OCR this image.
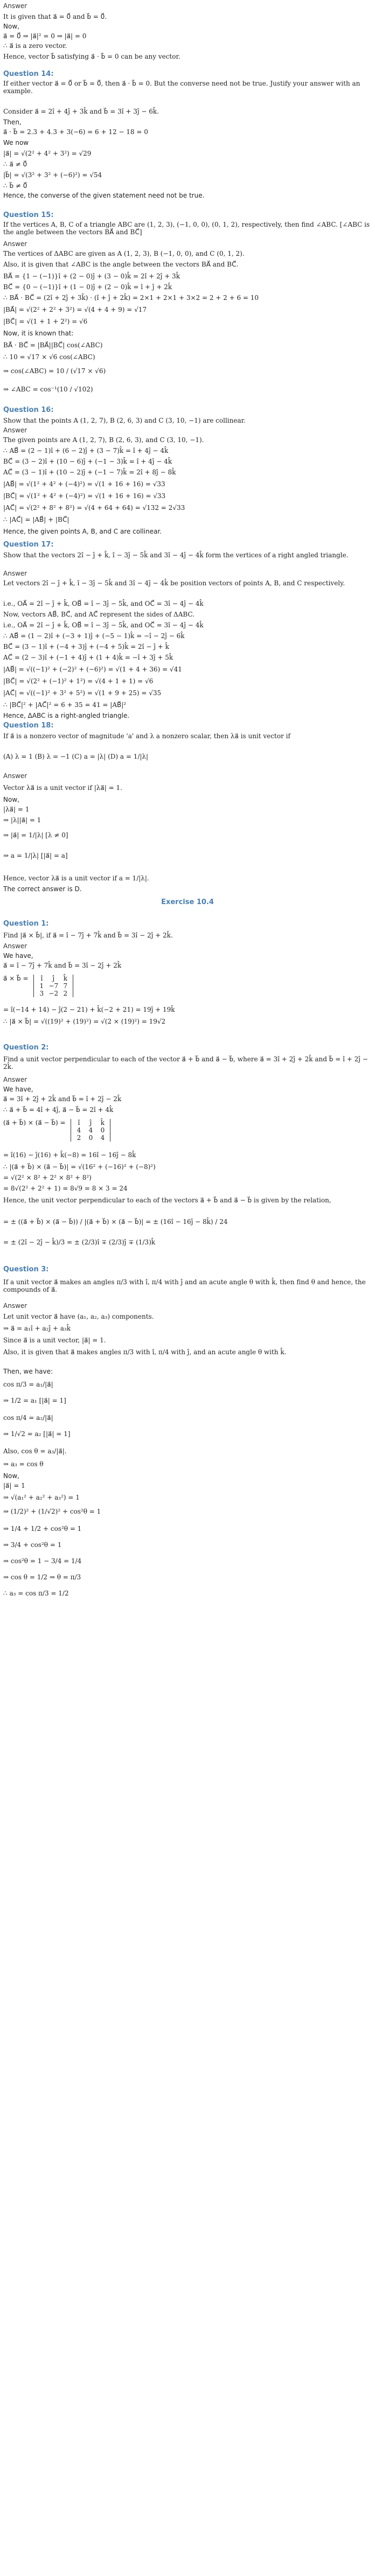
Answer
It is given that a⃗ = 0⃗ and b⃗ = 0⃗.
Now,
a⃗ = 0⃗ ⇒ |a⃗|² = 0 ⇒ |a⃗| = 0
∴ a⃗ is a zero vector.
Hence, vector b⃗ satisfying a⃗ · b⃗ = 0 can be any vector.
Question 14:
If either vector a⃗ = 0⃗ or b⃗ = 0⃗, then a⃗ · b⃗ = 0. But the converse need not be true. Justify your answer with an example.
Consider a⃗ = 2î + 4ĵ + 3k̂ and b⃗ = 3î + 3ĵ − 6k̂.
Then,
a⃗ · b⃗ = 2.3 + 4.3 + 3(−6) = 6 + 12 − 18 = 0
We now
|a⃗| = √(2² + 4² + 3²) = √29
∴ a⃗ ≠ 0⃗
|b⃗| = √(3² + 3² + (−6)²) = √54
∴ b⃗ ≠ 0⃗
Hence, the converse of the given statement need not be true.
Question 15:
If the vertices A, B, C of a triangle ABC are (1, 2, 3), (−1, 0, 0), (0, 1, 2), respectively, then find ∠ABC. [∠ABC is the angle between the vectors BA⃗ and BC⃗]
Answer
The vertices of ΔABC are given as A (1, 2, 3), B (−1, 0, 0), and C (0, 1, 2).
Also, it is given that ∠ABC is the angle between the vectors BA⃗ and BC⃗.
BA⃗ = {1 − (−1)}î + (2 − 0)ĵ + (3 − 0)k̂ = 2î + 2ĵ + 3k̂
BC⃗ = {0 − (−1)}î + (1 − 0)ĵ + (2 − 0)k̂ = î + ĵ + 2k̂
∴ BA⃗ · BC⃗ = (2î + 2ĵ + 3k̂) · (î + ĵ + 2k̂) = 2×1 + 2×1 + 3×2 = 2 + 2 + 6 = 10
|BA⃗| = √(2² + 2² + 3²) = √(4 + 4 + 9) = √17
|BC⃗| = √(1 + 1 + 2²) = √6
Now, it is known that:
BA⃗ · BC⃗ = |BA⃗||BC⃗| cos(∠ABC)
∴ 10 = √17 × √6 cos(∠ABC)
⇒ cos(∠ABC) = 10 / (√17 × √6)
⇒ ∠ABC = cos⁻¹(10 / √102)
Question 16:
Show that the points A (1, 2, 7), B (2, 6, 3) and C (3, 10, −1) are collinear.
Answer
The given points are A (1, 2, 7), B (2, 6, 3), and C (3, 10, −1).
∴ AB⃗ = (2 − 1)î + (6 − 2)ĵ + (3 − 7)k̂ = î + 4ĵ − 4k̂
BC⃗ = (3 − 2)î + (10 − 6)ĵ + (−1 − 3)k̂ = î + 4ĵ − 4k̂
AC⃗ = (3 − 1)î + (10 − 2)ĵ + (−1 − 7)k̂ = 2î + 8ĵ − 8k̂
|AB⃗| = √(1² + 4² + (−4)²) = √(1 + 16 + 16) = √33
|BC⃗| = √(1² + 4² + (−4)²) = √(1 + 16 + 16) = √33
|AC⃗| = √(2² + 8² + 8²) = √(4 + 64 + 64) = √132 = 2√33
∴ |AC⃗| = |AB⃗| + |BC⃗|
Hence, the given points A, B, and C are collinear.
Question 17:
Show that the vectors 2î − ĵ + k̂, î − 3ĵ − 5k̂ and 3î − 4ĵ − 4k̂ form the vertices of a right angled triangle.
Answer
Let vectors 2î − ĵ + k̂, î − 3ĵ − 5k̂ and 3î − 4ĵ − 4k̂ be position vectors of points A, B, and C respectively.
i.e., OA⃗ = 2î − ĵ + k̂, OB⃗ = î − 3ĵ − 5k̂, and OC⃗ = 3î − 4ĵ − 4k̂
Now, vectors AB⃗, BC⃗, and AC⃗ represent the sides of ΔABC.
i.e., OA⃗ = 2î − ĵ + k̂, OB⃗ = î − 3ĵ − 5k̂, and OC⃗ = 3î − 4ĵ − 4k̂
∴ AB⃗ = (1 − 2)î + (−3 + 1)ĵ + (−5 − 1)k̂ = −î − 2ĵ − 6k̂
BC⃗ = (3 − 1)î + (−4 + 3)ĵ + (−4 + 5)k̂ = 2î − ĵ + k̂
AC⃗ = (2 − 3)î + (−1 + 4)ĵ + (1 + 4)k̂ = −î + 3ĵ + 5k̂
|AB⃗| = √((−1)² + (−2)² + (−6)²) = √(1 + 4 + 36) = √41
|BC⃗| = √(2² + (−1)² + 1²) = √(4 + 1 + 1) = √6
|AC⃗| = √((−1)² + 3² + 5²) = √(1 + 9 + 25) = √35
∴ |BC⃗|² + |AC⃗|² = 6 + 35 = 41 = |AB⃗|²
Hence, ΔABC is a right-angled triangle.
Question 18:
If a⃗ is a nonzero vector of magnitude 'a' and λ a nonzero scalar, then λa⃗ is unit vector if
(A) λ = 1 (B) λ = −1 (C) a = |λ| (D) a = 1/|λ|
Answer
Vector λa⃗ is a unit vector if |λa⃗| = 1.
Now,
|λa⃗| = 1
⇒ |λ||a⃗| = 1
⇒ |a⃗| = 1/|λ| [λ ≠ 0]
⇒ a = 1/|λ| [|a⃗| = a]
Hence, vector λa⃗ is a unit vector if a = 1/|λ|.
The correct answer is D.
Exercise 10.4
Question 1:
Find |a⃗ × b⃗|, if a⃗ = î − 7ĵ + 7k̂ and b⃗ = 3î − 2ĵ + 2k̂.
Answer
We have,
a⃗ = î − 7ĵ + 7k̂ and b⃗ = 3î − 2ĵ + 2k̂
a⃗ × b⃗ =	î	ĵ	k̂
1 −7 7
3 −2 2
= î(−14 + 14) − ĵ(2 − 21) + k̂(−2 + 21) = 19ĵ + 19k̂
∴ |a⃗ × b⃗| = √((19)² + (19)²) = √(2 × (19)²) = 19√2
Question 2:
Find a unit vector perpendicular to each of the vector a⃗ + b⃗ and a⃗ − b⃗, where a⃗ = 3î + 2ĵ + 2k̂ and b⃗ = î + 2ĵ − 2k̂.
Answer
We have,
a⃗ = 3î + 2ĵ + 2k̂ and b⃗ = î + 2ĵ − 2k̂
∴ a⃗ + b⃗ = 4î + 4ĵ, a⃗ − b⃗ = 2î + 4k̂
(a⃗ + b⃗) × (a⃗ − b⃗) =	î	ĵ	k̂
4	4	0
2	0	4
= î(16) − ĵ(16) + k̂(−8) = 16î − 16ĵ − 8k̂
∴ |(a⃗ + b⃗) × (a⃗ − b⃗)| = √(16² + (−16)² + (−8)²)
= √(2² × 8² + 2² × 8² + 8²)
= 8√(2² + 2² + 1) = 8√9 = 8 × 3 = 24
Hence, the unit vector perpendicular to each of the vectors a⃗ + b⃗ and a⃗ − b⃗ is given by the relation,
= ± ((a⃗ + b⃗) × (a⃗ − b⃗)) / |(a⃗ + b⃗) × (a⃗ − b⃗)| = ± (16î − 16ĵ − 8k̂) / 24
= ± (2î − 2ĵ − k̂)/3 = ± (2/3)î ∓ (2/3)ĵ ∓ (1/3)k̂
Question 3:
If a unit vector a⃗ makes an angles π/3 with î, π/4 with ĵ and an acute angle θ with k̂, then find θ and hence, the compounds of a⃗.
Answer
Let unit vector a⃗ have (a₁, a₂, a₃) components.
⇒ a⃗ = a₁î + a₂ĵ + a₃k̂
Since a⃗ is a unit vector, |a⃗| = 1.
Also, it is given that a⃗ makes angles π/3 with î, π/4 with ĵ, and an acute angle θ with k̂.
Then, we have:
cos π/3 = a₁/|a⃗|
⇒ 1/2 = a₁ [|a⃗| = 1]
cos π/4 = a₂/|a⃗|
⇒ 1/√2 = a₂ [|a⃗| = 1]
Also, cos θ = a₃/|a⃗|.
⇒ a₃ = cos θ
Now,
|a⃗| = 1
⇒ √(a₁² + a₂² + a₃²) = 1
⇒ (1/2)² + (1/√2)² + cos²θ = 1
⇒ 1/4 + 1/2 + cos²θ = 1
⇒ 3/4 + cos²θ = 1
⇒ cos²θ = 1 − 3/4 = 1/4
⇒ cos θ = 1/2 ⇒ θ = π/3
∴ a₃ = cos π/3 = 1/2
